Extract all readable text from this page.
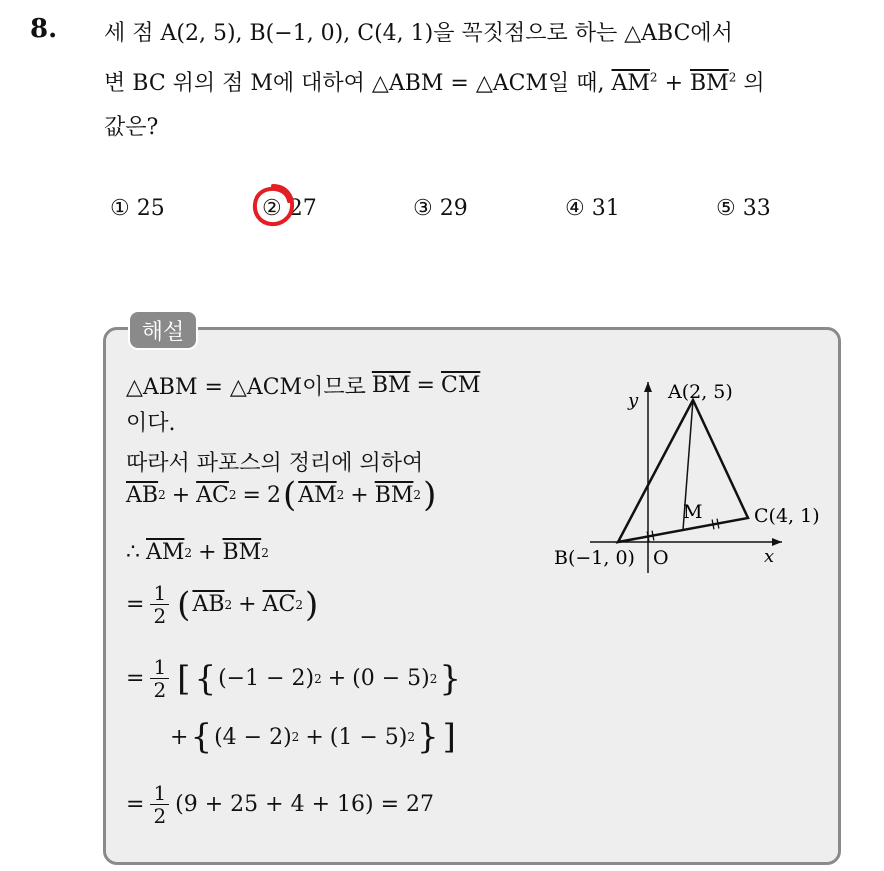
8. 세 점 A(2, 5), B(−1, 0), C(4, 1)을 꼭짓점으로 하는 △ABC에서
변 BC 위의 점 M에 대하여 △ABM = △ACM일 때, $\overline{AM}^2 + \overline{BM}^2$ 의
값은?
① 25	② 27	③ 29	④ 31	⑤ 33
해설
△ABM = △ACM이므로 $\overline{BM} = \overline{CM}$
이다.
따라서 파포스의 정리에 의하여
$\overline{AB}$ $2 + \overline{AC}$ 2 = 2 ( $\overline{AM}$ $2 + \overline{BM}$ 2 )
∴ $\overline{AM}$ $2 + \overline{BM}$ 2
= $\frac{1}{2}$ ( $\overline{AB}$ $2 + \overline{AC}$ 2 )
= $\frac{1}{2}$ [ { (−1 − 2) 2 + (0 − 5) 2 }
+ { (4 − 2) 2 + (1 − 5) 2 } ]
= $\frac{1}{2} (9 + 25 + 4 + 16) = 27$
y
x
O
A(2, 5)
B(−1, 0)
C(4, 1)
M
